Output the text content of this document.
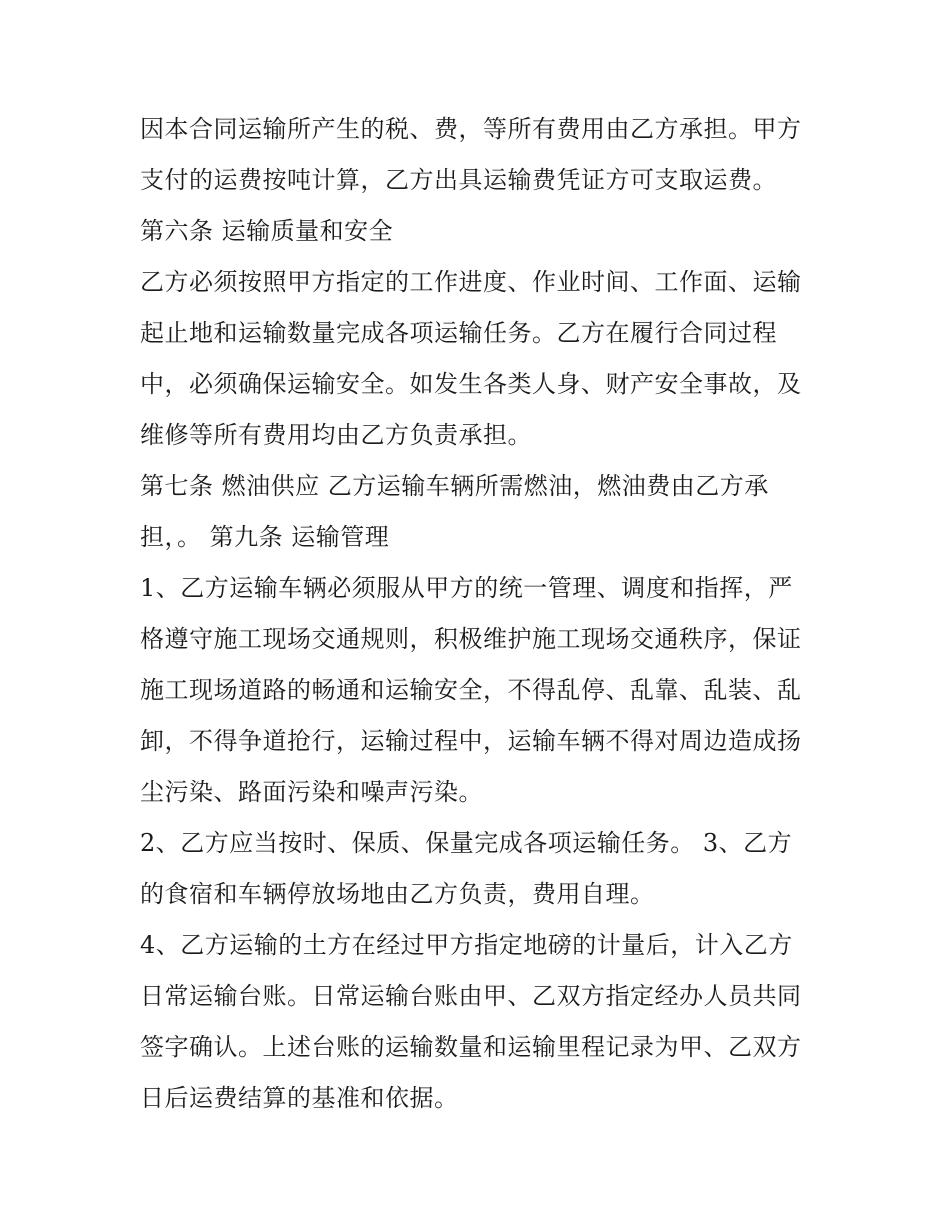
因本合同运输所产生的税、费，等所有费用由乙方承担。甲方
支付的运费按吨计算，乙方出具运输费凭证方可支取运费。
第六条 运输质量和安全
乙方必须按照甲方指定的工作进度、作业时间、工作面、运输
起止地和运输数量完成各项运输任务。乙方在履行合同过程
中，必须确保运输安全。如发生各类人身、财产安全事故，及
维修等所有费用均由乙方负责承担。
第七条 燃油供应 乙方运输车辆所需燃油，燃油费由乙方承
担，。 第九条 运输管理
1、乙方运输车辆必须服从甲方的统一管理、调度和指挥，严
格遵守施工现场交通规则，积极维护施工现场交通秩序，保证
施工现场道路的畅通和运输安全，不得乱停、乱靠、乱装、乱
卸，不得争道抢行，运输过程中，运输车辆不得对周边造成扬
尘污染、路面污染和噪声污染。
2、乙方应当按时、保质、保量完成各项运输任务。 3、乙方
的食宿和车辆停放场地由乙方负责，费用自理。
4、乙方运输的土方在经过甲方指定地磅的计量后，计入乙方
日常运输台账。日常运输台账由甲、乙双方指定经办人员共同
签字确认。上述台账的运输数量和运输里程记录为甲、乙双方
日后运费结算的基准和依据。
